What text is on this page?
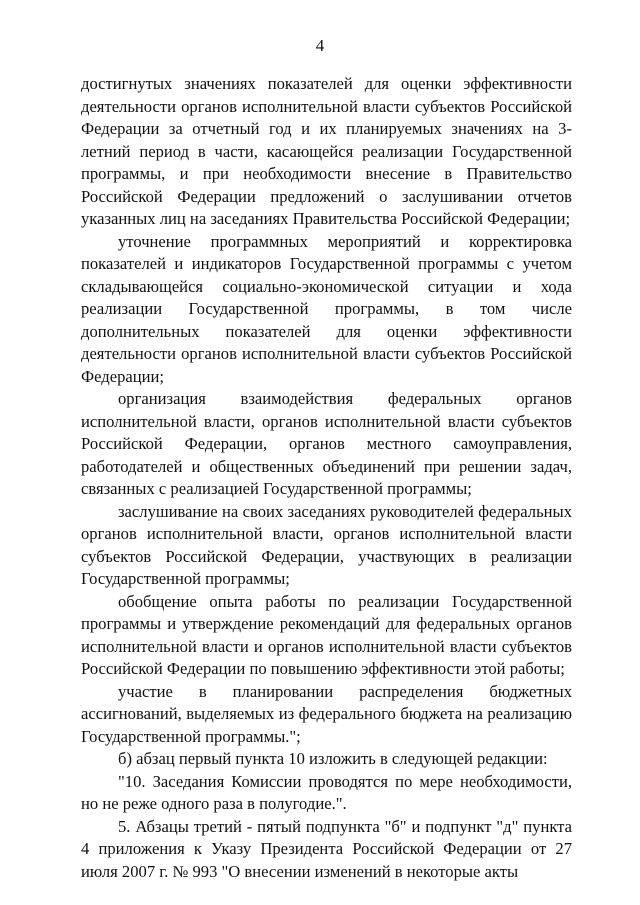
4

достигнутых значениях показателей для оценки эффективности деятельности органов исполнительной власти субъектов Российской Федерации за отчетный год и их планируемых значениях на 3-летний период в части, касающейся реализации Государственной программы, и при необходимости внесение в Правительство Российской Федерации предложений о заслушивании отчетов указанных лиц на заседаниях Правительства Российской Федерации;

уточнение программных мероприятий и корректировка показателей и индикаторов Государственной программы с учетом складывающейся социально-экономической ситуации и хода реализации Государственной программы, в том числе дополнительных показателей для оценки эффективности деятельности органов исполнительной власти субъектов Российской Федерации;

организация взаимодействия федеральных органов исполнительной власти, органов исполнительной власти субъектов Российской Федерации, органов местного самоуправления, работодателей и общественных объединений при решении задач, связанных с реализацией Государственной программы;

заслушивание на своих заседаниях руководителей федеральных органов исполнительной власти, органов исполнительной власти субъектов Российской Федерации, участвующих в реализации Государственной программы;

обобщение опыта работы по реализации Государственной программы и утверждение рекомендаций для федеральных органов исполнительной власти и органов исполнительной власти субъектов Российской Федерации по повышению эффективности этой работы;

участие в планировании распределения бюджетных ассигнований, выделяемых из федерального бюджета на реализацию Государственной программы.";

б) абзац первый пункта 10 изложить в следующей редакции:

"10. Заседания Комиссии проводятся по мере необходимости, но не реже одного раза в полугодие.".

5. Абзацы третий - пятый подпункта "б" и подпункт "д" пункта 4 приложения к Указу Президента Российской Федерации от 27 июля 2007 г. № 993 "О внесении изменений в некоторые акты
